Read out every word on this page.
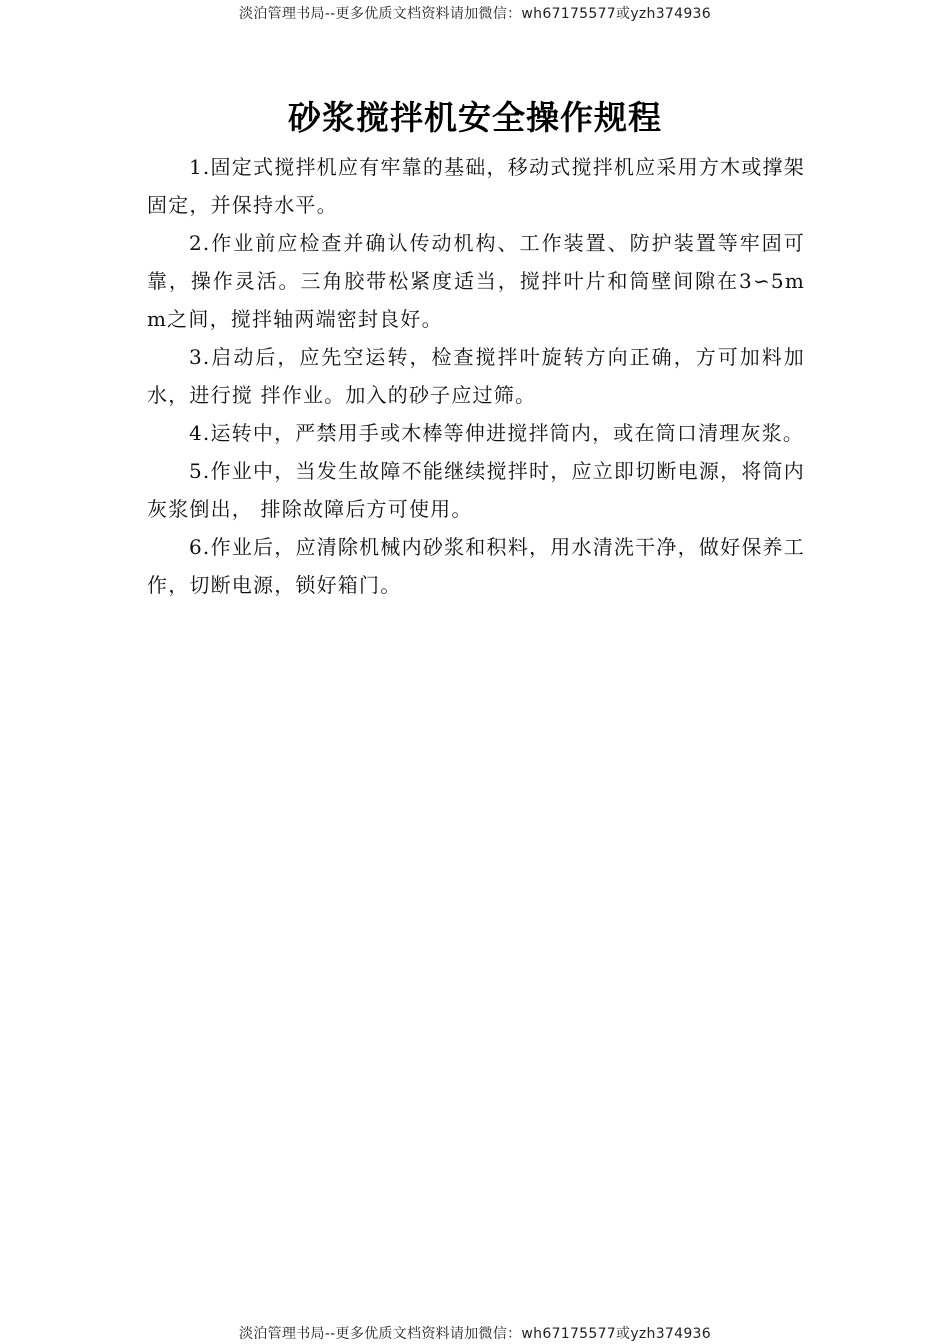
淡泊管理书局--更多优质文档资料请加微信：wh67175577或yzh374936
砂浆搅拌机安全操作规程

1.固定式搅拌机应有牢靠的基础，移动式搅拌机应采用方木或撑架固定，并保持水平。

2.作业前应检查并确认传动机构、工作装置、防护装置等牢固可靠，操作灵活。三角胶带松紧度适当，搅拌叶片和筒壁间隙在3∽5mm之间，搅拌轴两端密封良好。

3.启动后，应先空运转，检查搅拌叶旋转方向正确，方可加料加水，进行搅 拌作业。加入的砂子应过筛。

4.运转中，严禁用手或木棒等伸进搅拌筒内，或在筒口清理灰浆。

5.作业中，当发生故障不能继续搅拌时，应立即切断电源，将筒内灰浆倒出， 排除故障后方可使用。

6.作业后，应清除机械内砂浆和积料，用水清洗干净，做好保养工作，切断电源，锁好箱门。

淡泊管理书局--更多优质文档资料请加微信：wh67175577或yzh374936
